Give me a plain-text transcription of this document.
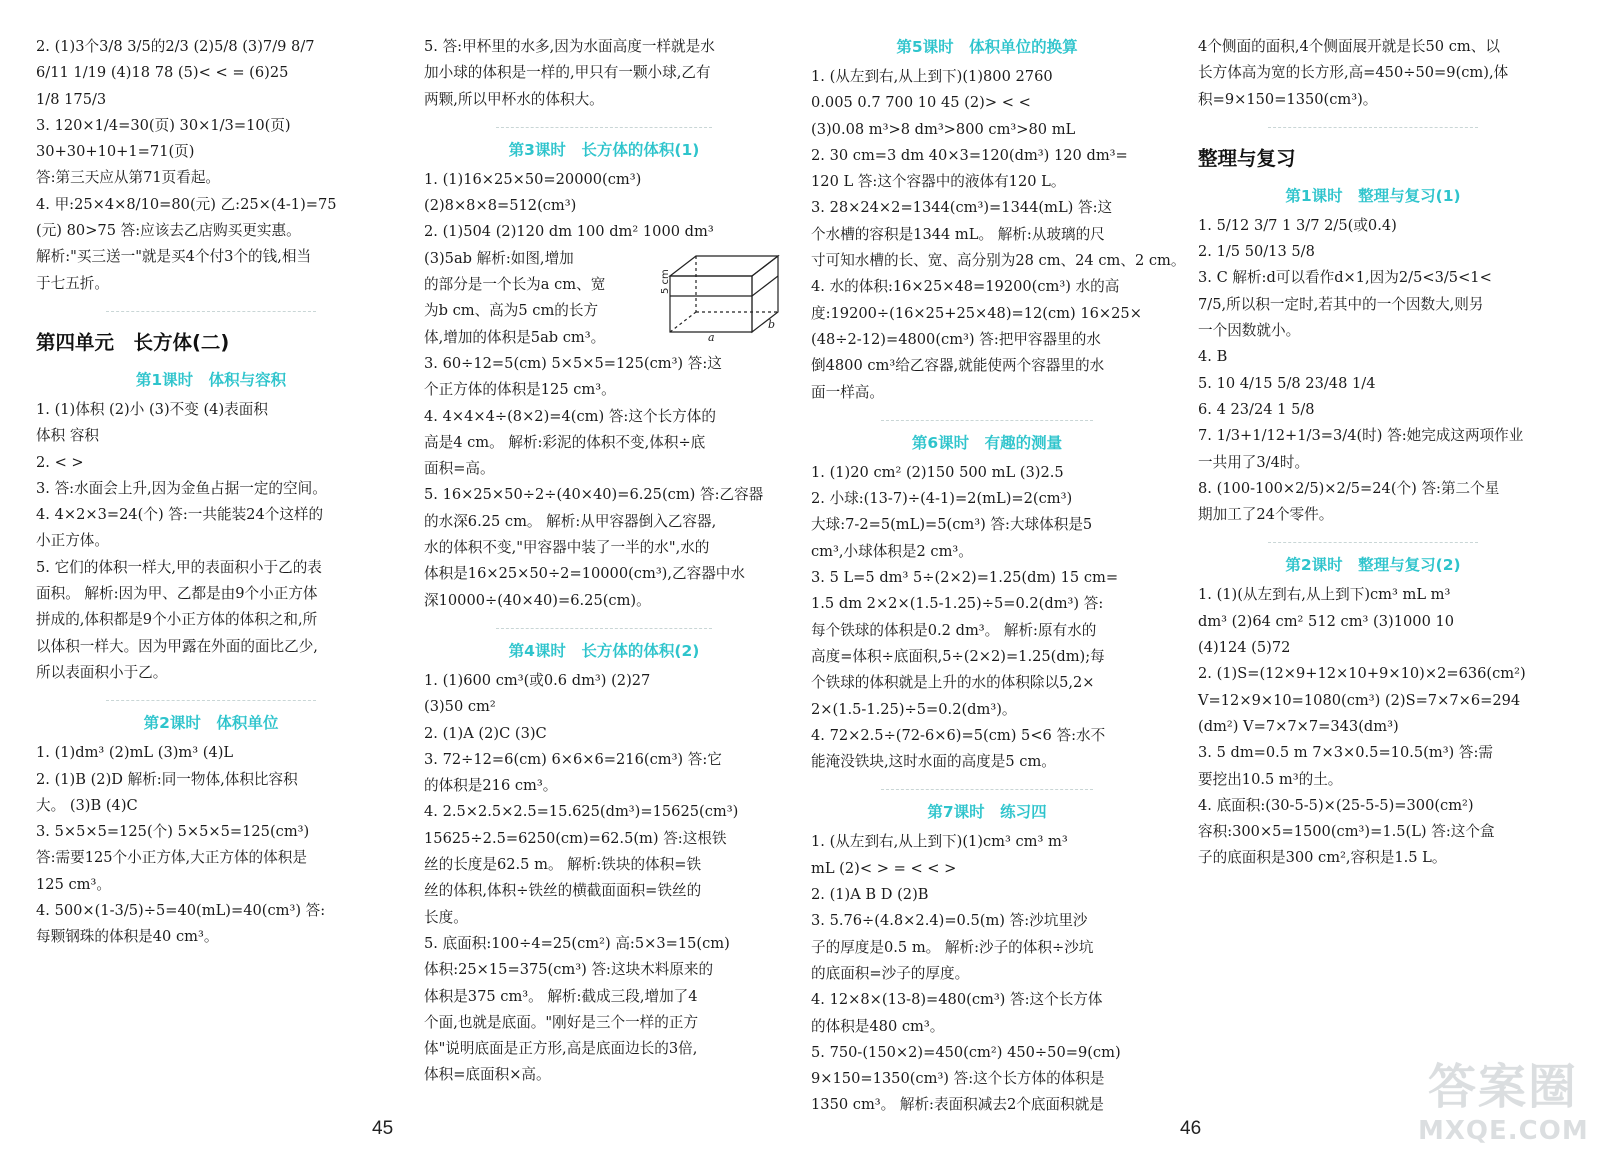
2. (1)3个3/8 3/5的2/3 (2)5/8 (3)7/9 8/7
6/11 1/19 (4)18 78 (5)< < = (6)25
1/8 175/3
3. 120×1/4=30(页) 30×1/3=10(页)
30+30+10+1=71(页)
答:第三天应从第71页看起。
4. 甲:25×4×8/10=80(元) 乙:25×(4-1)=75
(元) 80>75 答:应该去乙店购买更实惠。
解析:"买三送一"就是买4个付3个的钱,相当
于七五折。
第四单元　长方体(二)
第1课时　体积与容积
1. (1)体积 (2)小 (3)不变 (4)表面积
体积 容积
2. < >
3. 答:水面会上升,因为金鱼占据一定的空间。
4. 4×2×3=24(个) 答:一共能装24个这样的
小正方体。
5. 它们的体积一样大,甲的表面积小于乙的表
面积。 解析:因为甲、乙都是由9个小正方体
拼成的,体积都是9个小正方体的体积之和,所
以体积一样大。因为甲露在外面的面比乙少,
所以表面积小于乙。
第2课时　体积单位
1. (1)dm³ (2)mL (3)m³ (4)L
2. (1)B (2)D 解析:同一物体,体积比容积
大。 (3)B (4)C
3. 5×5×5=125(个) 5×5×5=125(cm³)
答:需要125个小正方体,大正方体的体积是
125 cm³。
4. 500×(1-3/5)÷5=40(mL)=40(cm³) 答:
每颗钢珠的体积是40 cm³。
45
5. 答:甲杯里的水多,因为水面高度一样就是水
加小球的体积是一样的,甲只有一颗小球,乙有
两颗,所以甲杯水的体积大。
第3课时　长方体的体积(1)
1. (1)16×25×50=20000(cm³)
(2)8×8×8=512(cm³)
2. (1)504 (2)120 dm 100 dm² 1000 dm³
5 cm
a
b
(3)5ab 解析:如图,增加
的部分是一个长为a cm、宽
为b cm、高为5 cm的长方
体,增加的体积是5ab cm³。
3. 60÷12=5(cm) 5×5×5=125(cm³) 答:这
个正方体的体积是125 cm³。
4. 4×4×4÷(8×2)=4(cm) 答:这个长方体的
高是4 cm。 解析:彩泥的体积不变,体积÷底
面积=高。
5. 16×25×50÷2÷(40×40)=6.25(cm) 答:乙容器
的水深6.25 cm。 解析:从甲容器倒入乙容器,
水的体积不变,"甲容器中装了一半的水",水的
体积是16×25×50÷2=10000(cm³),乙容器中水
深10000÷(40×40)=6.25(cm)。
第4课时　长方体的体积(2)
1. (1)600 cm³(或0.6 dm³) (2)27
(3)50 cm²
2. (1)A (2)C (3)C
3. 72÷12=6(cm) 6×6×6=216(cm³) 答:它
的体积是216 cm³。
4. 2.5×2.5×2.5=15.625(dm³)=15625(cm³)
15625÷2.5=6250(cm)=62.5(m) 答:这根铁
丝的长度是62.5 m。 解析:铁块的体积=铁
丝的体积,体积÷铁丝的横截面面积=铁丝的
长度。
5. 底面积:100÷4=25(cm²) 高:5×3=15(cm)
体积:25×15=375(cm³) 答:这块木料原来的
体积是375 cm³。 解析:截成三段,增加了4
个面,也就是底面。"刚好是三个一样的正方
体"说明底面是正方形,高是底面边长的3倍,
体积=底面积×高。
第5课时　体积单位的换算
1. (从左到右,从上到下)(1)800 2760
0.005 0.7 700 10 45 (2)> < <
(3)0.08 m³>8 dm³>800 cm³>80 mL
2. 30 cm=3 dm 40×3=120(dm³) 120 dm³=
120 L 答:这个容器中的液体有120 L。
3. 28×24×2=1344(cm³)=1344(mL) 答:这
个水槽的容积是1344 mL。 解析:从玻璃的尺
寸可知水槽的长、宽、高分别为28 cm、24 cm、2 cm。
4. 水的体积:16×25×48=19200(cm³) 水的高
度:19200÷(16×25+25×48)=12(cm) 16×25×
(48÷2-12)=4800(cm³) 答:把甲容器里的水
倒4800 cm³给乙容器,就能使两个容器里的水
面一样高。
第6课时　有趣的测量
1. (1)20 cm² (2)150 500 mL (3)2.5
2. 小球:(13-7)÷(4-1)=2(mL)=2(cm³)
大球:7-2=5(mL)=5(cm³) 答:大球体积是5
cm³,小球体积是2 cm³。
3. 5 L=5 dm³ 5÷(2×2)=1.25(dm) 15 cm=
1.5 dm 2×2×(1.5-1.25)÷5=0.2(dm³) 答:
每个铁球的体积是0.2 dm³。 解析:原有水的
高度=体积÷底面积,5÷(2×2)=1.25(dm);每
个铁球的体积就是上升的水的体积除以5,2×
2×(1.5-1.25)÷5=0.2(dm³)。
4. 72×2.5÷(72-6×6)=5(cm) 5<6 答:水不
能淹没铁块,这时水面的高度是5 cm。
第7课时　练习四
1. (从左到右,从上到下)(1)cm³ cm³ m³
mL (2)< > = < < >
2. (1)A B D (2)B
3. 5.76÷(4.8×2.4)=0.5(m) 答:沙坑里沙
子的厚度是0.5 m。 解析:沙子的体积÷沙坑
的底面积=沙子的厚度。
4. 12×8×(13-8)=480(cm³) 答:这个长方体
的体积是480 cm³。
5. 750-(150×2)=450(cm²) 450÷50=9(cm)
9×150=1350(cm³) 答:这个长方体的体积是
1350 cm³。 解析:表面积减去2个底面积就是
4个侧面的面积,4个侧面展开就是长50 cm、以
长方体高为宽的长方形,高=450÷50=9(cm),体
积=9×150=1350(cm³)。
整理与复习
第1课时　整理与复习(1)
1. 5/12 3/7 1 3/7 2/5(或0.4)
2. 1/5 50/13 5/8
3. C 解析:d可以看作d×1,因为2/5<3/5<1<
7/5,所以积一定时,若其中的一个因数大,则另
一个因数就小。
4. B
5. 10 4/15 5/8 23/48 1/4
6. 4 23/24 1 5/8
7. 1/3+1/12+1/3=3/4(时) 答:她完成这两项作业
一共用了3/4时。
8. (100-100×2/5)×2/5=24(个) 答:第二个星
期加工了24个零件。
第2课时　整理与复习(2)
1. (1)(从左到右,从上到下)cm³ mL m³
dm³ (2)64 cm² 512 cm³ (3)1000 10
(4)124 (5)72
2. (1)S=(12×9+12×10+9×10)×2=636(cm²)
V=12×9×10=1080(cm³) (2)S=7×7×6=294
(dm²) V=7×7×7=343(dm³)
3. 5 dm=0.5 m 7×3×0.5=10.5(m³) 答:需
要挖出10.5 m³的土。
4. 底面积:(30-5-5)×(25-5-5)=300(cm²)
容积:300×5=1500(cm³)=1.5(L) 答:这个盒
子的底面积是300 cm²,容积是1.5 L。
46
答案圈
MXQE.COM
